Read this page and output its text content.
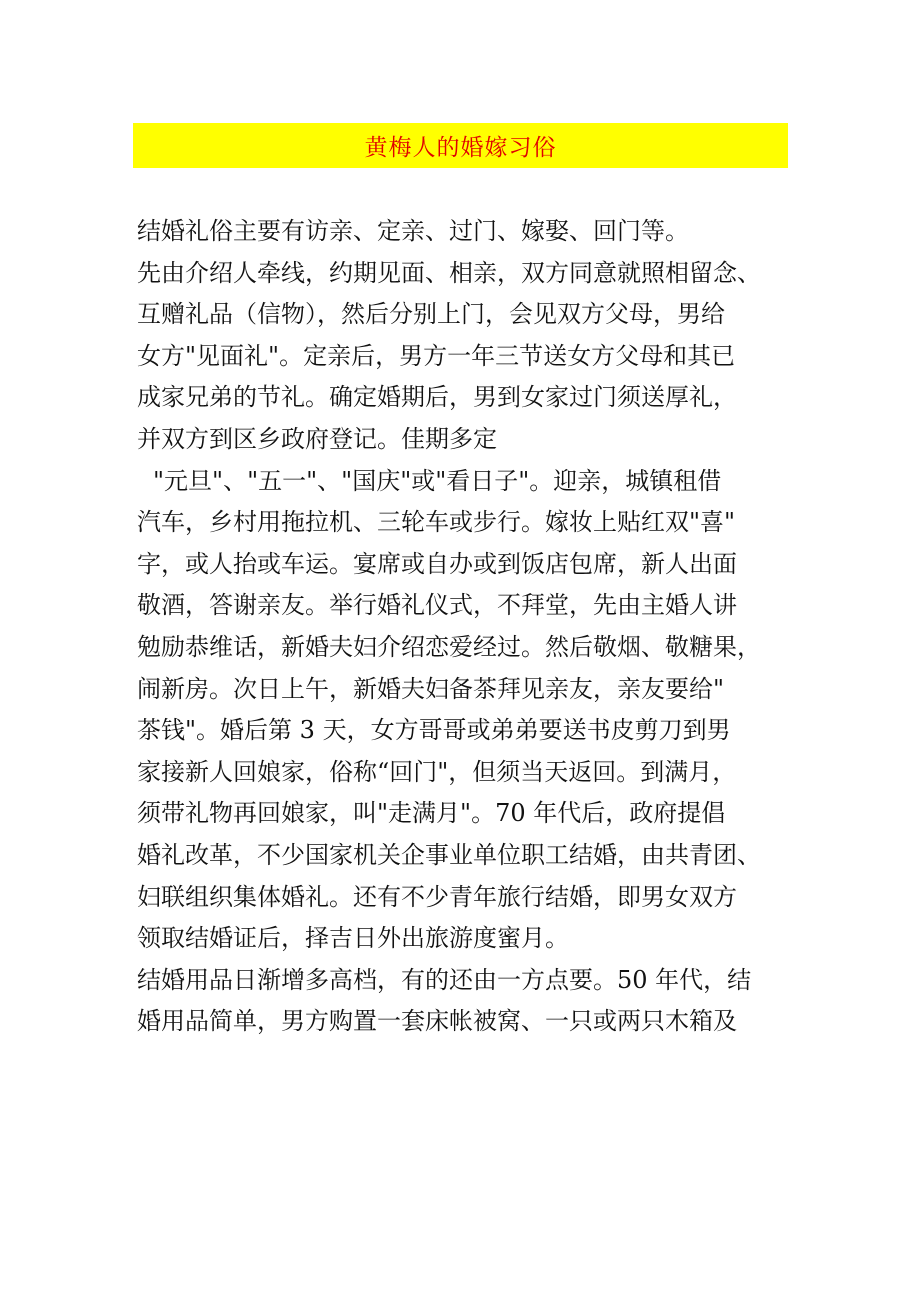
黄梅人的婚嫁习俗
结婚礼俗主要有访亲、定亲、过门、嫁娶、回门等。
先由介绍人牵线，约期见面、相亲，双方同意就照相留念、
互赠礼品（信物），然后分别上门，会见双方父母，男给
女方"见面礼"。定亲后，男方一年三节送女方父母和其已
成家兄弟的节礼。确定婚期后，男到女家过门须送厚礼，
并双方到区乡政府登记。佳期多定
"元旦"、"五一"、"国庆"或"看日子"。迎亲，城镇租借
汽车，乡村用拖拉机、三轮车或步行。嫁妆上贴红双"喜"
字，或人抬或车运。宴席或自办或到饭店包席，新人出面
敬酒，答谢亲友。举行婚礼仪式，不拜堂，先由主婚人讲
勉励恭维话，新婚夫妇介绍恋爱经过。然后敬烟、敬糖果，
闹新房。次日上午，新婚夫妇备茶拜见亲友，亲友要给"
茶钱"。婚后第 3 天，女方哥哥或弟弟要送书皮剪刀到男
家接新人回娘家，俗称“回门"，但须当天返回。到满月，
须带礼物再回娘家，叫"走满月"。70 年代后，政府提倡
婚礼改革，不少国家机关企事业单位职工结婚，由共青团、
妇联组织集体婚礼。还有不少青年旅行结婚，即男女双方
领取结婚证后，择吉日外出旅游度蜜月。
结婚用品日渐增多高档，有的还由一方点要。50 年代，结
婚用品简单，男方购置一套床帐被窝、一只或两只木箱及
